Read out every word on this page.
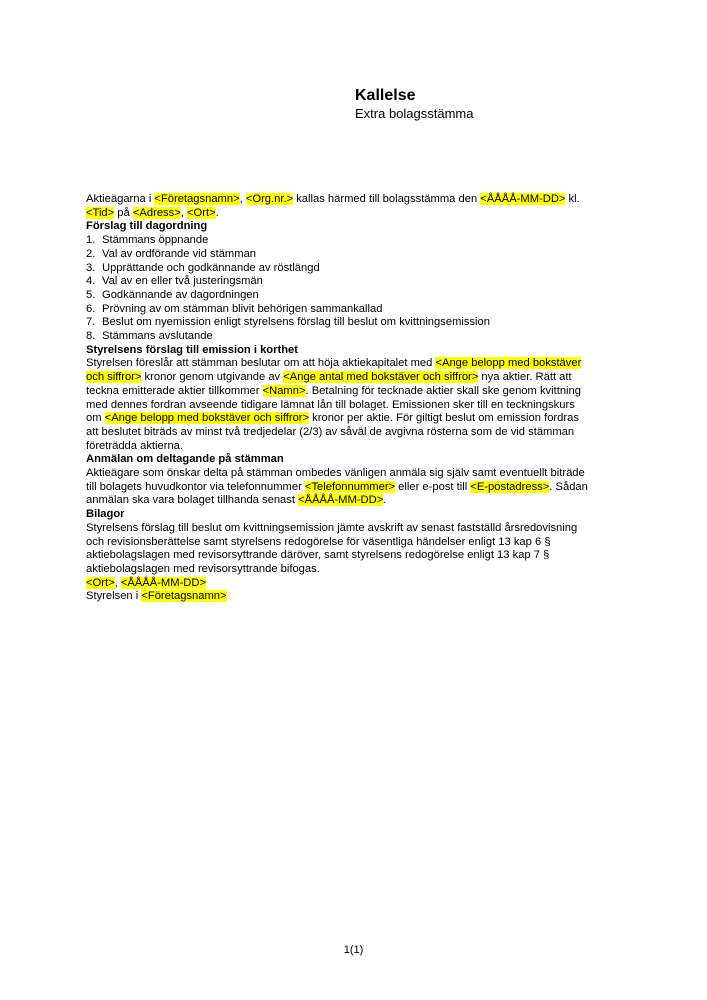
Kallelse
Extra bolagsstämma

Aktieägarna i <Företagsnamn>, <Org.nr.> kallas härmed till bolagsstämma den <ÅÅÅÅ-MM-DD> kl.
<Tid> på <Adress>, <Ort>.

Förslag till dagordning

1. Stämmans öppnande
2. Val av ordförande vid stämman
3. Upprättande och godkännande av röstlängd
4. Val av en eller två justeringsmän
5. Godkännande av dagordningen
6. Prövning av om stämman blivit behörigen sammankallad
7. Beslut om nyemission enligt styrelsens förslag till beslut om kvittningsemission
8. Stämmans avslutande

Styrelsens förslag till emission i korthet

Styrelsen föreslår att stämman beslutar om att höja aktiekapitalet med <Ange belopp med bokstäver
och siffror> kronor genom utgivande av <Ange antal med bokstäver och siffror> nya aktier. Rätt att
teckna emitterade aktier tillkommer <Namn>. Betalning för tecknade aktier skall ske genom kvittning
med dennes fordran avseende tidigare lämnat lån till bolaget. Emissionen sker till en teckningskurs
om <Ange belopp med bokstäver och siffror> kronor per aktie. För giltigt beslut om emission fordras
att beslutet biträds av minst två tredjedelar (2/3) av såväl de avgivna rösterna som de vid stämman
företrädda aktierna.

Anmälan om deltagande på stämman

Aktieägare som önskar delta på stämman ombedes vänligen anmäla sig själv samt eventuellt biträde
till bolagets huvudkontor via telefonnummer <Telefonnummer> eller e-post till <E-postadress>. Sådan
anmälan ska vara bolaget tillhanda senast <ÅÅÅÅ-MM-DD>.

Bilagor

Styrelsens förslag till beslut om kvittningsemission jämte avskrift av senast fastställd årsredovisning
och revisionsberättelse samt styrelsens redogörelse för väsentliga händelser enligt 13 kap 6 §
aktiebolagslagen med revisorsyttrande däröver, samt styrelsens redogörelse enligt 13 kap 7 §
aktiebolagslagen med revisorsyttrande bifogas.

<Ort>, <ÅÅÅÅ-MM-DD>

Styrelsen i <Företagsnamn>

1(1)
